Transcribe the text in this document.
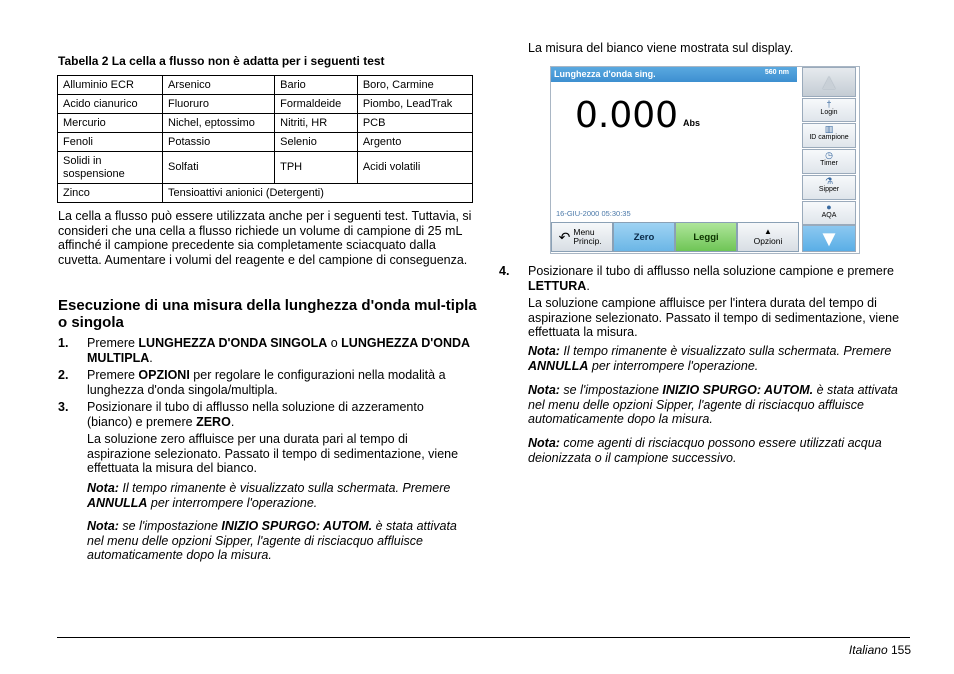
Tabella 2 La cella a flusso non è adatta per i seguenti test
Alluminio ECR	Arsenico	Bario	Boro, Carmine
Acido cianurico	Fluoruro	Formaldeide	Piombo, LeadTrak
Mercurio	Nichel, eptossimo	Nitriti, HR	PCB
Fenoli	Potassio	Selenio	Argento
Solidi in sospensione	Solfati	TPH	Acidi volatili
Zinco	Tensioattivi anionici (Detergenti)		
La cella a flusso può essere utilizzata anche per i seguenti test. Tuttavia, si consideri che una cella a flusso richiede un volume di campione di 25 mL affinché il campione precedente sia completamente sciacquato dalla cuvetta. Aumentare i volumi del reagente e del campione di conseguenza.
Esecuzione di una misura della lunghezza d'onda mul-tipla o singola
1. Premere LUNGHEZZA D'ONDA SINGOLA o LUNGHEZZA D'ONDA MULTIPLA.
2. Premere OPZIONI per regolare le configurazioni nella modalità a lunghezza d'onda singola/multipla.
3. Posizionare il tubo di afflusso nella soluzione di azzeramento (bianco) e premere ZERO.
La soluzione zero affluisce per una durata pari al tempo di aspirazione selezionato. Passato il tempo di sedimentazione, viene effettuata la misura del bianco.
Nota: Il tempo rimanente è visualizzato sulla schermata. Premere ANNULLA per interrompere l'operazione.
Nota: se l'impostazione INIZIO SPURGO: AUTOM. è stata attivata nel menu delle opzioni Sipper, l'agente di risciacquo affluisce automaticamente dopo la misura.
La misura del bianco viene mostrata sul display.
Lunghezza d'onda sing.	560 nm
0.000 Abs
16-GIU-2000 05:30:35
↶ Menu Princip.	Zero	Leggi	▲
Opzioni
▲
†
Login
▥
ID campione
◷
Timer
⚗
Sipper
●
AQA
▼
4. Posizionare il tubo di afflusso nella soluzione campione e premere LETTURA.
La soluzione campione affluisce per l'intera durata del tempo di aspirazione selezionato. Passato il tempo di sedimentazione, viene effettuata la misura.
Nota: Il tempo rimanente è visualizzato sulla schermata. Premere ANNULLA per interrompere l'operazione.
Nota: se l'impostazione INIZIO SPURGO: AUTOM. è stata attivata nel menu delle opzioni Sipper, l'agente di risciacquo affluisce automaticamente dopo la misura.
Nota: come agenti di risciacquo possono essere utilizzati acqua deionizzata o il campione successivo.
Italiano 155
